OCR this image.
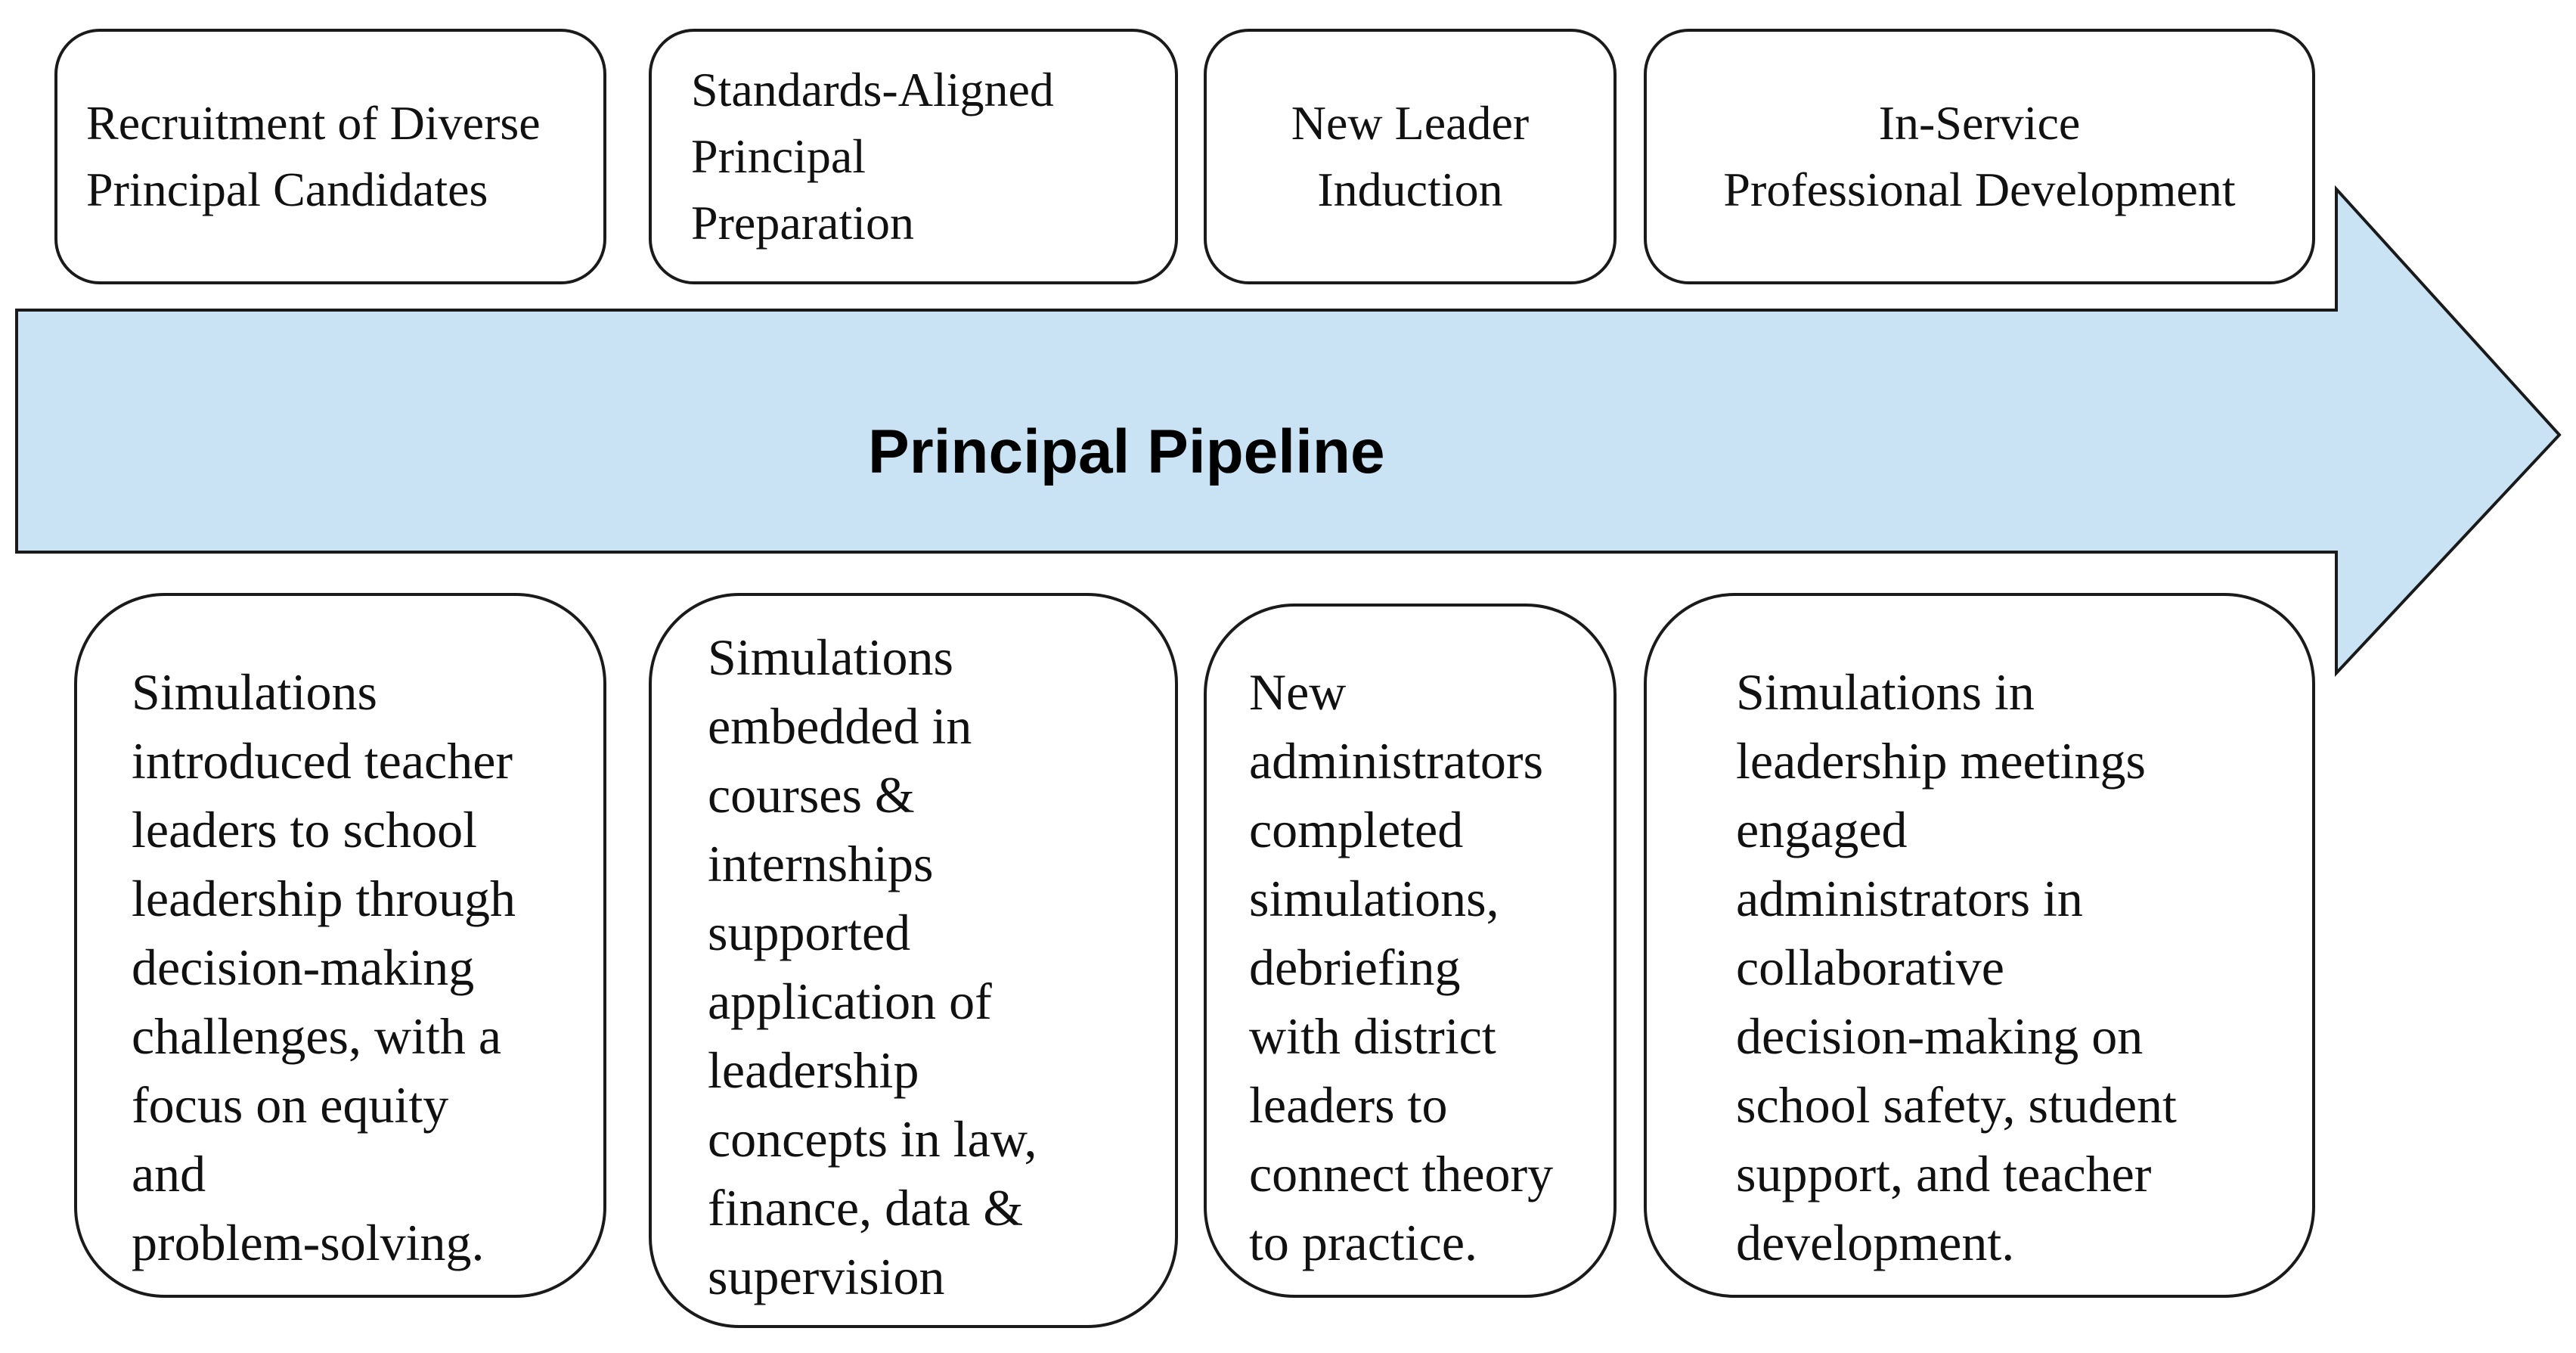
Principal Pipeline
Recruitment of Diverse
Principal Candidates
Standards-Aligned
Principal
Preparation
New Leader
Induction
In-Service
Professional Development
Simulations
introduced teacher
leaders to school
leadership through
decision-making
challenges, with a
focus on equity
and
problem-solving.
Simulations
embedded in
courses &
internships
supported
application of
leadership
concepts in law,
finance, data &
supervision
New
administrators
completed
simulations,
debriefing
with district
leaders to
connect theory
to practice.
Simulations in
leadership meetings
engaged
administrators in
collaborative
decision-making on
school safety, student
support, and teacher
development.
